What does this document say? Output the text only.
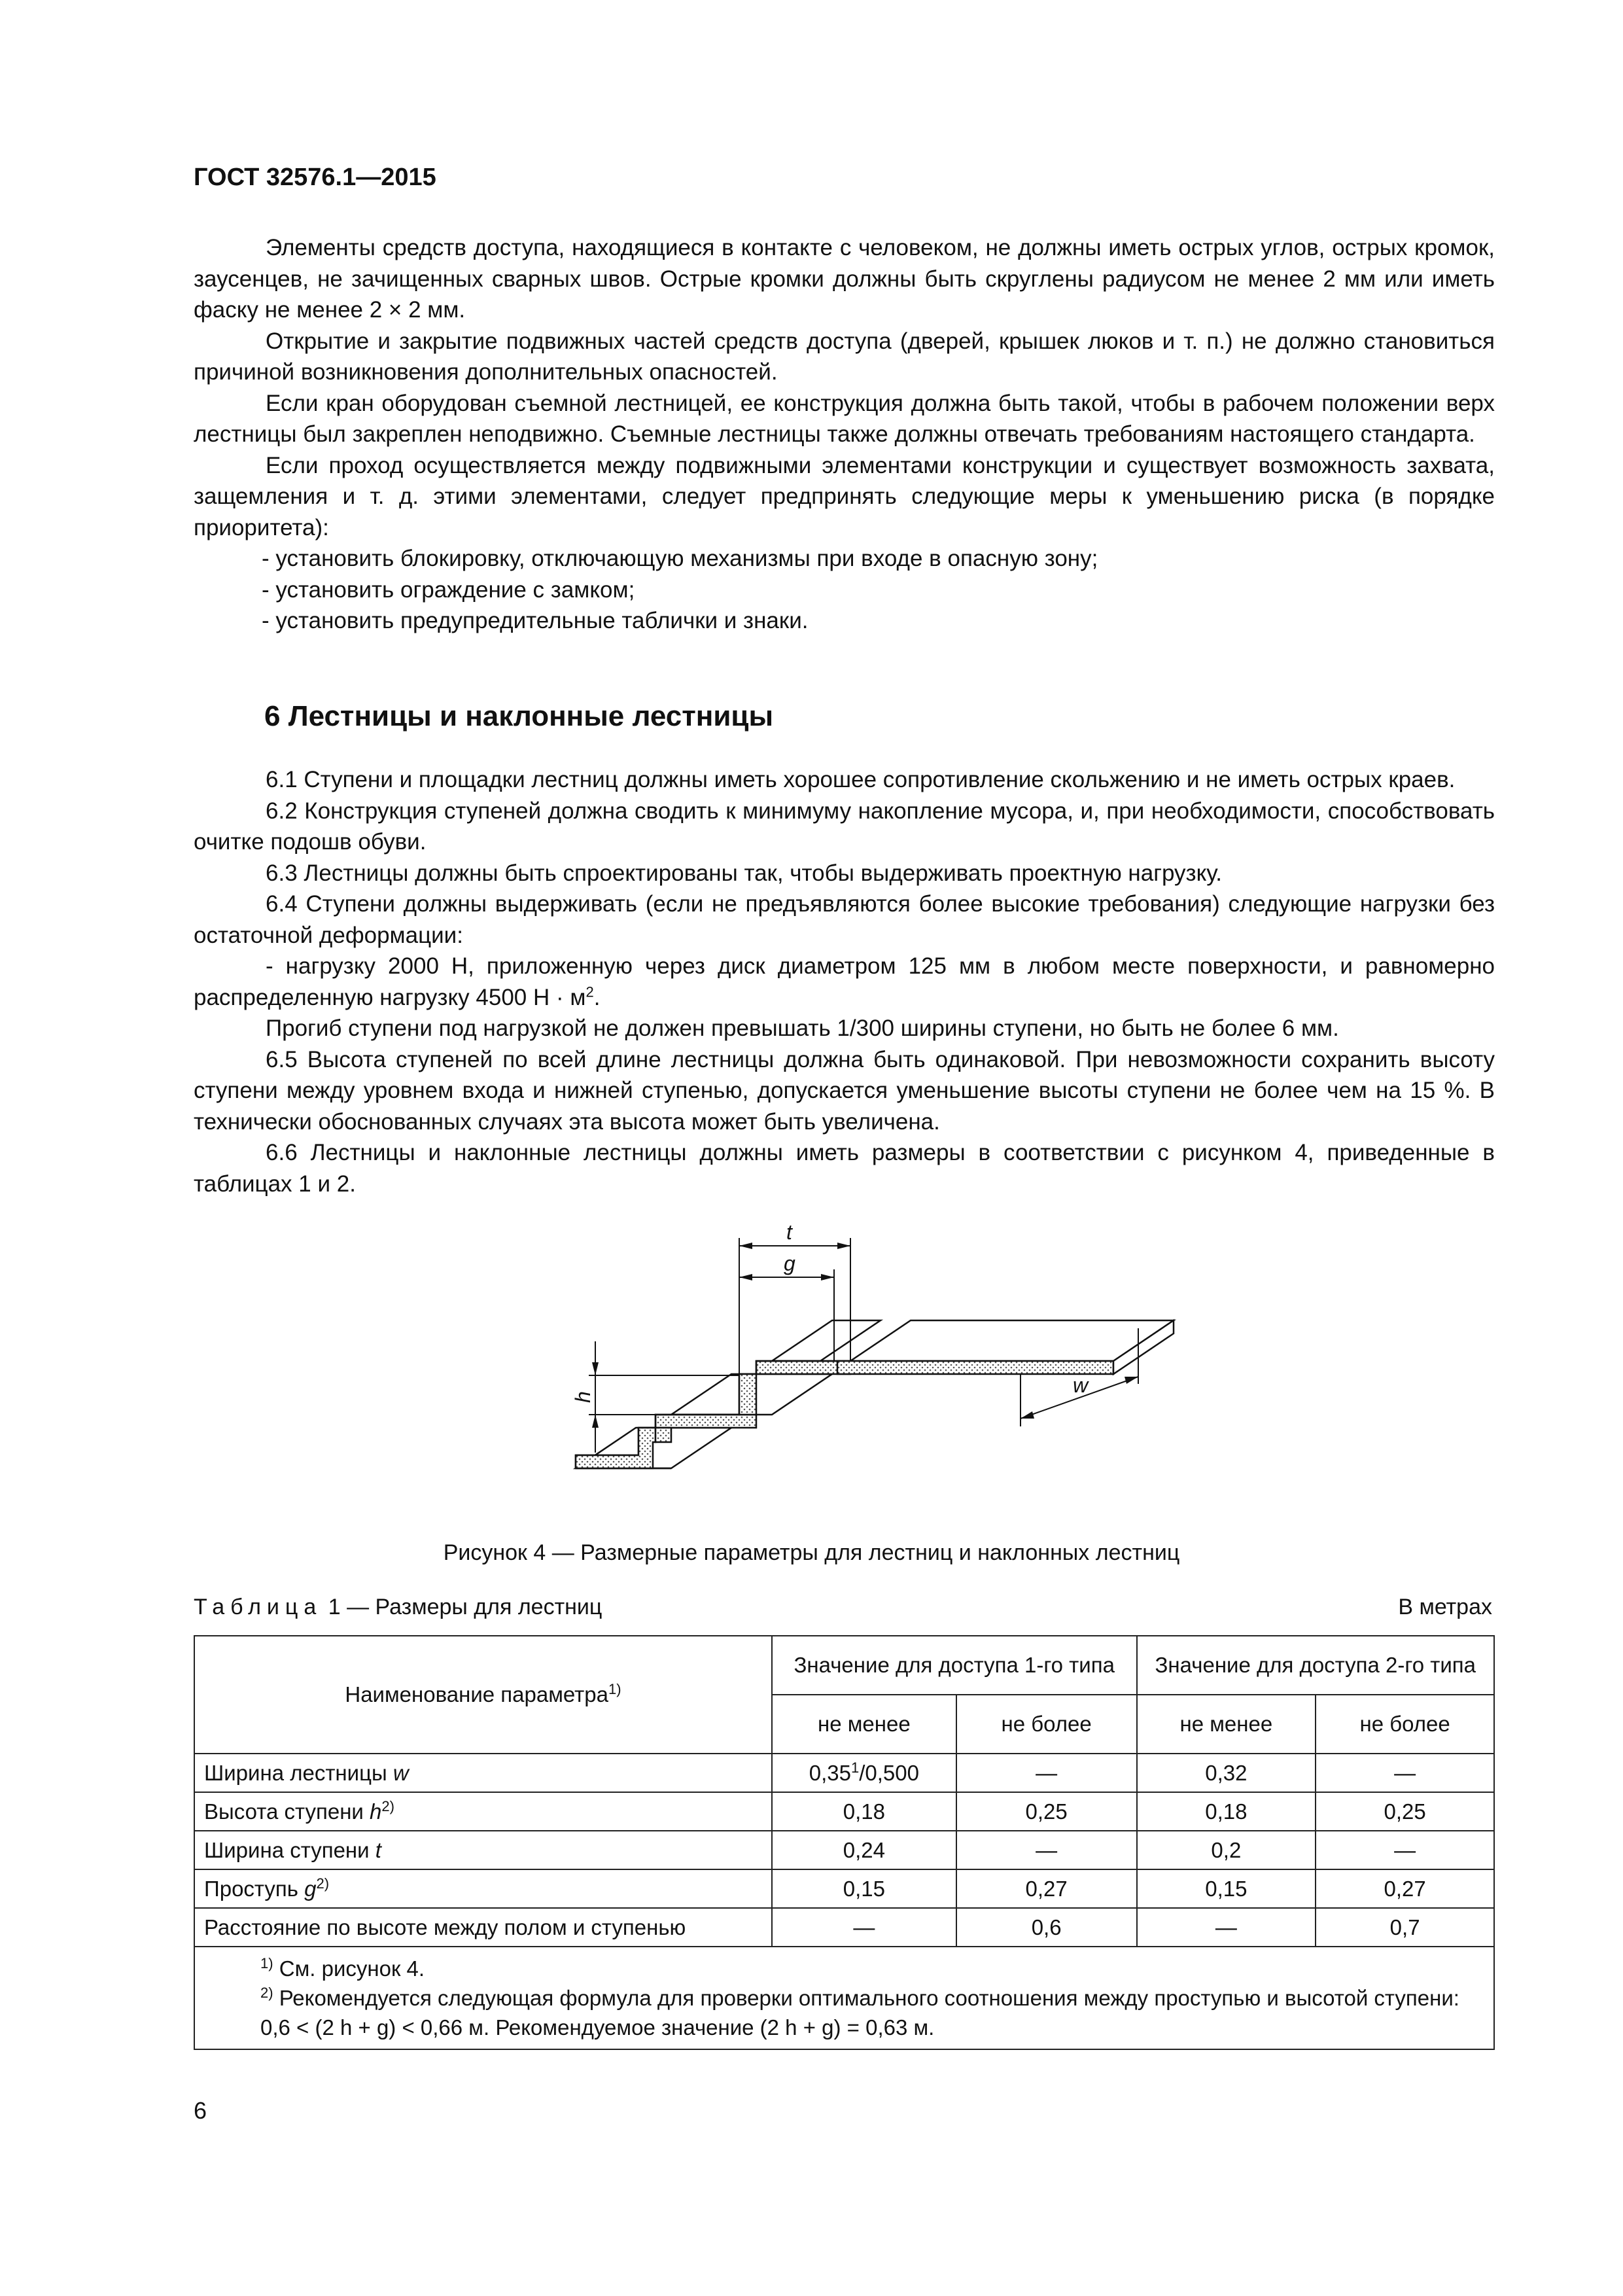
ГОСТ 32576.1—2015

Элементы средств доступа, находящиеся в контакте с человеком, не должны иметь острых углов, острых кромок, заусенцев, не зачищенных сварных швов. Острые кромки должны быть скруглены радиусом не менее 2 мм или иметь фаску не менее 2 × 2 мм.

Открытие и закрытие подвижных частей средств доступа (дверей, крышек люков и т. п.) не должно становиться причиной возникновения дополнительных опасностей.

Если кран оборудован съемной лестницей, ее конструкция должна быть такой, чтобы в рабочем положении верх лестницы был закреплен неподвижно. Съемные лестницы также должны отвечать требованиям настоящего стандарта.

Если проход осуществляется между подвижными элементами конструкции и существует возможность захвата, защемления и т. д. этими элементами, следует предпринять следующие меры к уменьшению риска (в порядке приоритета):

- установить блокировку, отключающую механизмы при входе в опасную зону;

- установить ограждение с замком;

- установить предупредительные таблички и знаки.

6 Лестницы и наклонные лестницы

6.1 Ступени и площадки лестниц должны иметь хорошее сопротивление скольжению и не иметь острых краев.

6.2 Конструкция ступеней должна сводить к минимуму накопление мусора, и, при необходимости, способствовать очитке подошв обуви.

6.3 Лестницы должны быть спроектированы так, чтобы выдерживать проектную нагрузку.

6.4 Ступени должны выдерживать (если не предъявляются более высокие требования) следующие нагрузки без остаточной деформации:

- нагрузку 2000 Н, приложенную через диск диаметром 125 мм в любом месте поверхности, и равномерно распределенную нагрузку 4500 $Н \cdot м^2$.

Прогиб ступени под нагрузкой не должен превышать 1/300 ширины ступени, но быть не более 6 мм.

6.5 Высота ступеней по всей длине лестницы должна быть одинаковой. При невозможности сохранить высоту ступени между уровнем входа и нижней ступенью, допускается уменьшение высоты ступени не более чем на 15 %. В технически обоснованных случаях эта высота может быть увеличена.

6.6 Лестницы и наклонные лестницы должны иметь размеры в соответствии с рисунком 4, приведенные в таблицах 1 и 2.

t
g
h
w
Рисунок 4 — Размерные параметры для лестниц и наклонных лестниц
Таблица 1 — Размеры для лестниц	В метрах
Наименование параметра$^{1)}$	Значение для доступа 1-го типа		Значение для доступа 2-го типа	
	не менее	не более	не менее	не более
Ширина лестницы w	0,35$^1$/0,500	—	0,32	—
Высота ступени $h^{2)}$	0,18	0,25	0,18	0,25
Ширина ступени t	0,24	—	0,2	—
Проступь $g^{2)}$	0,15	0,27	0,15	0,27
Расстояние по высоте между полом и ступенью	—	0,6	—	0,7

$^{1)}$ См. рисунок 4.
$^{2)}$ Рекомендуется следующая формула для проверки оптимального соотношения между проступью и высотой ступени: 0,6 < (2 h + g) < 0,66 м. Рекомендуемое значение (2 h + g) = 0,63 м.				
6
